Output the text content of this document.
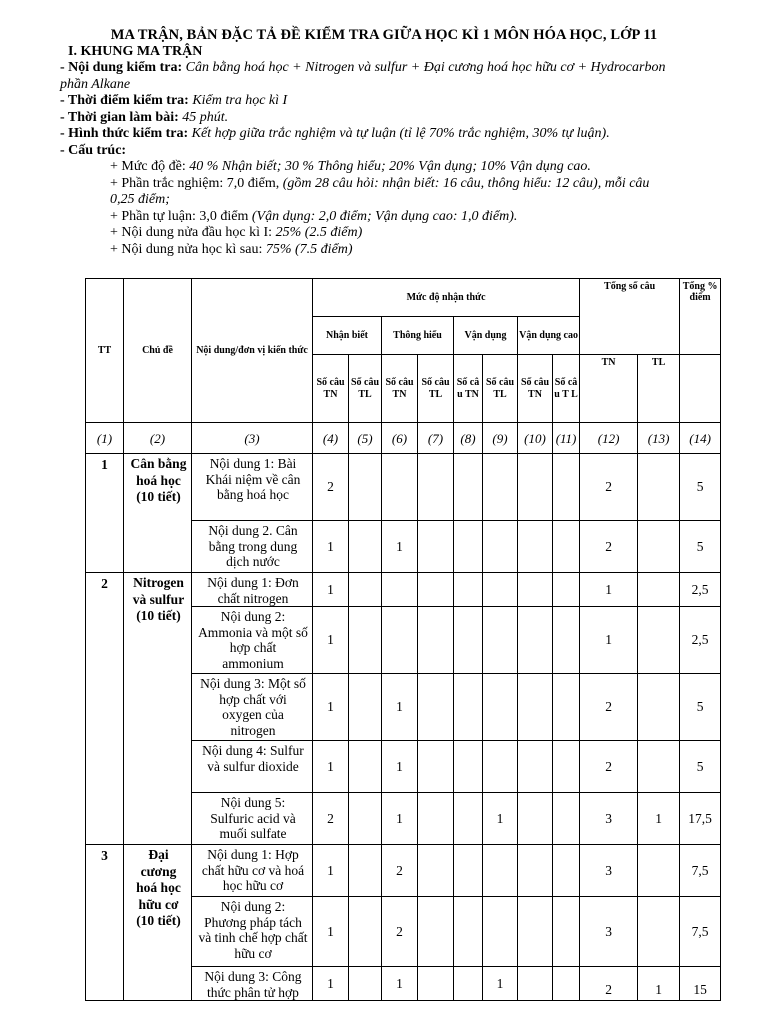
MA TRẬN, BẢN ĐẶC TẢ ĐỀ KIỂM TRA GIỮA HỌC KÌ 1 MÔN HÓA HỌC, LỚP 11
I. KHUNG MA TRẬN
- Nội dung kiểm tra: Cân bằng hoá học + Nitrogen và sulfur + Đại cương hoá học hữu cơ + Hydrocarbon
phần Alkane
- Thời điểm kiểm tra: Kiểm tra học kì I
- Thời gian làm bài: 45 phút.
- Hình thức kiểm tra: Kết hợp giữa trắc nghiệm và tự luận (tỉ lệ 70% trắc nghiệm, 30% tự luận).
- Cấu trúc:
+ Mức độ đề: 40 % Nhận biết; 30 % Thông hiểu; 20% Vận dụng; 10% Vận dụng cao.
+ Phần trắc nghiệm: 7,0 điểm, (gồm 28 câu hỏi: nhận biết: 16 câu, thông hiểu: 12 câu), mỗi câu
0,25 điểm;
+ Phần tự luận: 3,0 điểm (Vận dụng: 2,0 điểm; Vận dụng cao: 1,0 điểm).
+ Nội dung nửa đầu học kì I: 25% (2.5 điểm)
+ Nội dung nửa học kì sau: 75% (7.5 điểm)
TT	Chủ đề	Nội dung/đơn vị kiến thức	Mức độ nhận thức								Tổng số câu		Tổng % điểm
			Nhận biết		Thông hiểu		Vận dụng		Vận dụng cao				
			Số câu TN	Số câu TL	Số câu TN	Số câu TL	Số câ u TN	Số câu TL	Số câu TN	Số câ u T L	TN	TL	
(1)	(2)	(3)	(4)	(5)	(6)	(7)	(8)	(9)	(10)	(11)	(12)	(13)	(14)
1	Cân bằng hoá học (10 tiết)	Nội dung 1: Bài Khái niệm về cân bằng hoá học	2								2		5
		Nội dung 2. Cân bằng trong dung dịch nước	1		1						2		5
2	Nitrogen và sulfur (10 tiết)	Nội dung 1: Đơn chất nitrogen	1								1		2,5
		Nội dung 2: Ammonia và một số hợp chất ammonium	1								1		2,5
		Nội dung 3: Một số hợp chất với oxygen của nitrogen	1		1						2		5
		Nội dung 4: Sulfur và sulfur dioxide	1		1						2		5
		Nội dung 5: Sulfuric acid và muối sulfate	2		1			1			3	1	17,5
3	Đại cương hoá học hữu cơ (10 tiết)	Nội dung 1: Hợp chất hữu cơ và hoá học hữu cơ	1		2						3		7,5
		Nội dung 2: Phương pháp tách và tinh chế hợp chất hữu cơ	1		2						3		7,5
		Nội dung 3: Công thức phân tử hợp	1		1			1			2	1	15
